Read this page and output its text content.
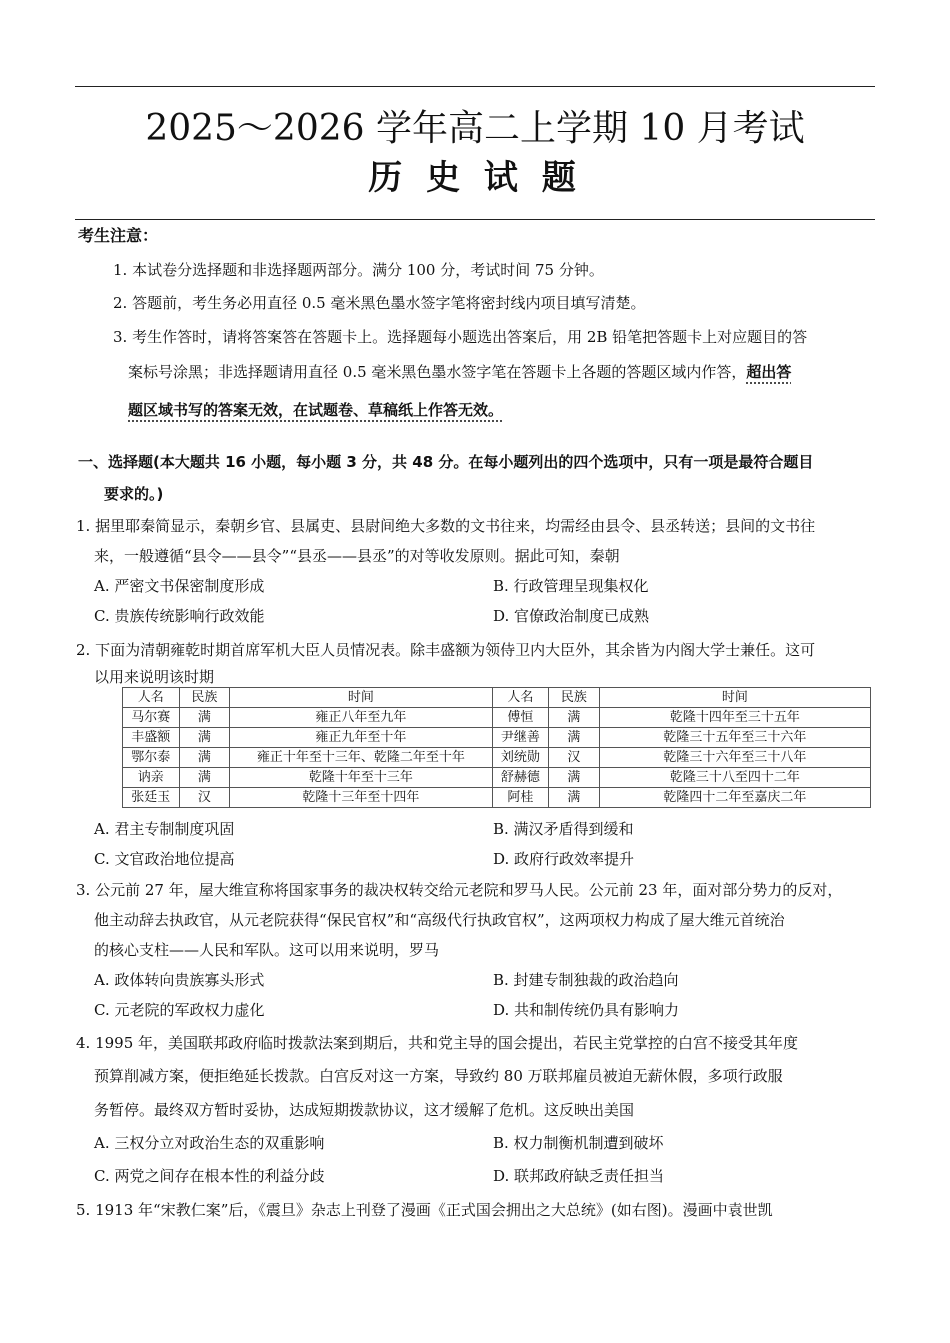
2025～2026 学年高二上学期 10 月考试
历 史 试 题
考生注意：
1. 本试卷分选择题和非选择题两部分。满分 100 分，考试时间 75 分钟。
2. 答题前，考生务必用直径 0.5 毫米黑色墨水签字笔将密封线内项目填写清楚。
3. 考生作答时，请将答案答在答题卡上。选择题每小题选出答案后，用 2B 铅笔把答题卡上对应题目的答
案标号涂黑；非选择题请用直径 0.5 毫米黑色墨水签字笔在答题卡上各题的答题区域内作答，超出答
题区域书写的答案无效，在试题卷、草稿纸上作答无效。
一、选择题(本大题共 16 小题，每小题 3 分，共 48 分。在每小题列出的四个选项中，只有一项是最符合题目
要求的。)
1. 据里耶秦简显示，秦朝乡官、县属吏、县尉间绝大多数的文书往来，均需经由县令、县丞转送；县间的文书往
来，一般遵循“县令——县令”“县丞——县丞”的对等收发原则。据此可知，秦朝
A. 严密文书保密制度形成	B. 行政管理呈现集权化
C. 贵族传统影响行政效能	D. 官僚政治制度已成熟
2. 下面为清朝雍乾时期首席军机大臣人员情况表。除丰盛额为领侍卫内大臣外，其余皆为内阁大学士兼任。这可
以用来说明该时期
A. 君主专制制度巩固	B. 满汉矛盾得到缓和
C. 文官政治地位提高	D. 政府行政效率提升
3. 公元前 27 年，屋大维宣称将国家事务的裁决权转交给元老院和罗马人民。公元前 23 年，面对部分势力的反对，
他主动辞去执政官，从元老院获得“保民官权”和“高级代行执政官权”，这两项权力构成了屋大维元首统治
的核心支柱——人民和军队。这可以用来说明，罗马
A. 政体转向贵族寡头形式	B. 封建专制独裁的政治趋向
C. 元老院的军政权力虚化	D. 共和制传统仍具有影响力
4. 1995 年，美国联邦政府临时拨款法案到期后，共和党主导的国会提出，若民主党掌控的白宫不接受其年度
预算削减方案，便拒绝延长拨款。白宫反对这一方案，导致约 80 万联邦雇员被迫无薪休假，多项行政服
务暂停。最终双方暂时妥协，达成短期拨款协议，这才缓解了危机。这反映出美国
A. 三权分立对政治生态的双重影响	B. 权力制衡机制遭到破坏
C. 两党之间存在根本性的利益分歧	D. 联邦政府缺乏责任担当
5. 1913 年“宋教仁案”后，《震旦》杂志上刊登了漫画《正式国会拥出之大总统》(如右图)。漫画中袁世凯
人名	民族	时间	人名	民族	时间
马尔赛	满	雍正八年至九年	傅恒	满	乾隆十四年至三十五年
丰盛额	满	雍正九年至十年	尹继善	满	乾隆三十五年至三十六年
鄂尔泰	满	雍正十年至十三年、乾隆二年至十年	刘统勋	汉	乾隆三十六年至三十八年
讷亲	满	乾隆十年至十三年	舒赫德	满	乾隆三十八至四十二年
张廷玉	汉	乾隆十三年至十四年	阿桂	满	乾隆四十二年至嘉庆二年
